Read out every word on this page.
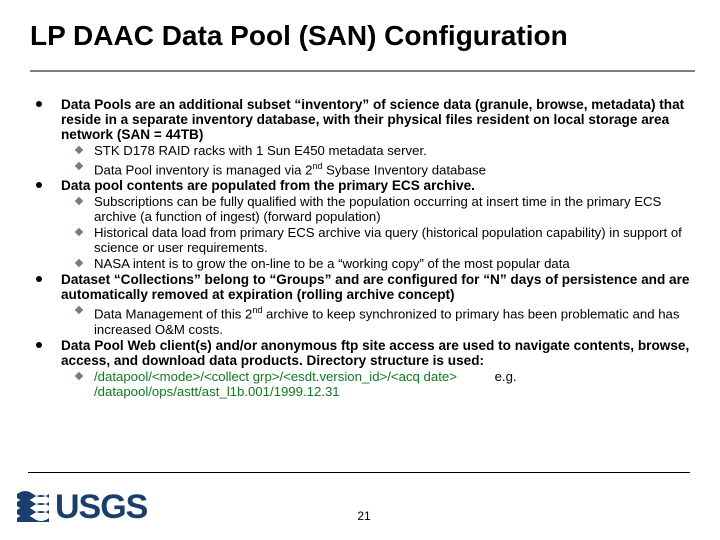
LP DAAC Data Pool (SAN) Configuration
Data Pools are an additional subset “inventory” of science data (granule, browse, metadata) that reside in a separate inventory database, with their physical files resident on local storage area network (SAN = 44TB)
STK D178 RAID racks with 1 Sun E450 metadata server.
Data Pool inventory is managed via 2nd Sybase Inventory database
Data pool contents are populated from the primary ECS archive.
Subscriptions can be fully qualified with the population occurring at insert time in the primary ECS archive (a function of ingest) (forward population)
Historical data load from primary ECS archive via query (historical population capability) in support of science or user requirements.
NASA intent is to grow the on-line to be a “working copy” of the most popular data
Dataset “Collections” belong to “Groups” and are configured for “N” days of persistence and are automatically removed at expiration (rolling archive concept)
Data Management of this 2nd archive to keep synchronized to primary has been problematic and has increased O&M costs.
Data Pool Web client(s) and/or anonymous ftp site access are used to navigate contents, browse, access, and download data products. Directory structure is used:
/datapool/<mode>/<collect grp>/<esdt.version_id>/<acq date>	e.g.
/datapool/ops/astt/ast_l1b.001/1999.12.31
USGS	21
